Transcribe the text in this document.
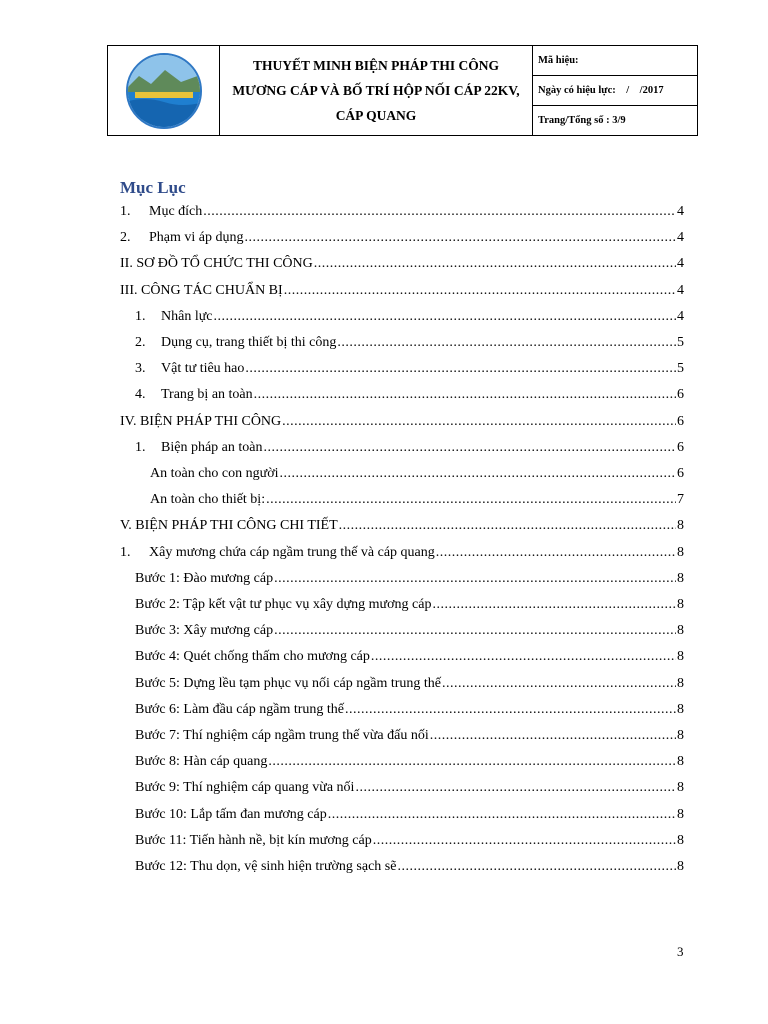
THUYẾT MINH BIỆN PHÁP THI CÔNG
MƯƠNG CÁP VÀ BỐ TRÍ HỘP NỐI CÁP 22KV,
CÁP QUANG
Mã hiệu:
Ngày có hiệu lực:    /    /2017
Trang/Tổng số : 3/9
Mục Lục
1.	Mục đích .....	4
2.	Phạm vi áp dụng .....	4
II. SƠ ĐỒ TỔ CHỨC THI CÔNG .....	4
III. CÔNG TÁC CHUẨN BỊ .....	4
1.	Nhân lực .....	4
2.	Dụng cụ, trang thiết bị thi công .....	5
3.	Vật tư tiêu hao .....	5
4.	Trang bị an toàn .....	6
IV. BIỆN PHÁP THI CÔNG .....	6
1.	Biện pháp an toàn .....	6
An toàn cho con người .....	6
An toàn cho thiết bị: .....	7
V. BIỆN PHÁP THI CÔNG CHI TIẾT .....	8
1.	Xây mương chứa cáp ngầm trung thế và cáp quang .....	8
Bước 1: Đào mương cáp .....	8
Bước 2: Tập kết vật tư phục vụ xây dựng mương cáp .....	8
Bước 3: Xây mương cáp .....	8
Bước 4: Quét chống thấm cho mương cáp .....	8
Bước 5: Dựng lều tạm phục vụ nối cáp ngầm trung thế .....	8
Bước 6: Làm đầu cáp ngầm trung thế .....	8
Bước 7: Thí nghiệm cáp ngầm trung thế vừa đấu nối .....	8
Bước 8: Hàn cáp quang .....	8
Bước 9: Thí nghiệm cáp quang vừa nối .....	8
Bước 10: Lắp tấm đan mương cáp .....	8
Bước 11: Tiến hành nề, bịt kín mương cáp .....	8
Bước 12: Thu dọn, vệ sinh hiện trường sạch sẽ .....	8
3
